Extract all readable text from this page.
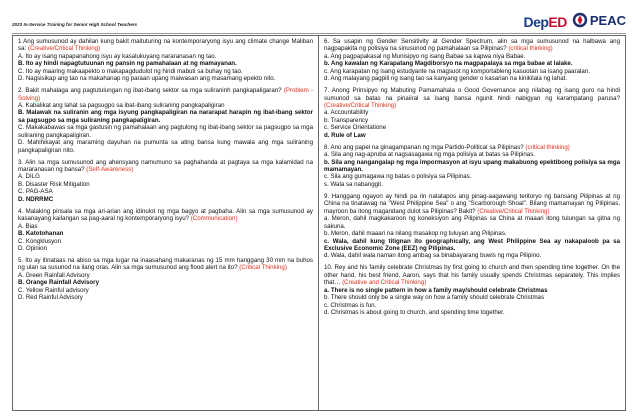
2023 In-Service Training for Senior High School Teachers	Dep ED PEAC

1 Ang sumusunod ay dahilan kung bakit maituturing na kontemporaryong isyu ang climate change Maliban sa: (Creative/Critical Thinking)

A. Ito ay isang napapanahong isyu ay kasalukuyang nararanasan ng tao.

B. Ito ay hindi napagtutuunan ng pansin ng pamahalaan at ng mamayanan.

C. Ito ay maaring makaapekto o makapagdudulot ng hindi mabuti sa buhay ng tao.

D. Nagsisikap ang tao na makahanap ng paraan upang maiwasan ang masamang epekto nito.

2. Bakit mahalaga ang pagtutulungan ng ibat-ibang sektor sa mga suliraninh pangkapaligaran? (Problem -Solving)

A. Kabalikat ang lahat sa pagsugpo sa ibat-ibang suliraning pangkapaligiran

B. Malawak na suliranin ang mga isyung pangkapaligiran na nararapat harapin ng ibat-ibang sektor sa pagsugpo sa mga suliraning pangkapaligiran.

C. Makakabawas sa mga gastusin ng pamahalaan ang pagtulong ng ibat-ibang sektor sa pagsugpo sa mga suliraning pangkapaligiran.

D. Mahihikayat ang maraming dayuhan na pumunta sa ating bansa kung mawala ang mga suliraning pangkapaligiran nito.

3. Alin sa mga sumusunod ang ahensyang namumuno sa paghahanda at pagtaya sa mga kalamidad na mararanasan ng bansa? (Self-Awareness)

A. DILG

B. Disaster Risk Mitigation

C. PAG-ASA

D. NDRRMC

4. Malaking pinsala sa mga ari-arian ang idinulot ng mga bagyo at pagbaha. Alin sa mga sumusunod ay kasanayang kailangan sa pag-aaral ng kontemporaryong isyu? (Communication)

A. Bias

B. Katotohanan

C. Kongklusyon

D. Opinion

5. Ito ay itinataas na abiso sa mga lugar na inaasahang makaranas ng 15 mm hanggang 30 mm na buhos ng ulan sa susunod na ilang oras. Alin sa mga sumusunod ang flood alert na ito? (Critical Thinking)

A. Green Rainfall Advisory

B. Orange Rainfall Advisory

C. Yellow Rainful advisory

D. Red Rainful Advisory

6. Sa usapin ng Gender Sensitivity at Gender Spectrum, alin sa mga sumusunod na halbawa ang nagpapakita ng polisiya na sinusunod ng pamahalaan sa Pilipinas? (critical thinking)

a. Ang pagpapakasal ng Munisipyo ng isang Babae sa kapwa niya Babae.

b. Ang kawalan ng Karapatang Magdiborsyo na magpapalaya sa mga babae at lalake.

c. Ang karapatan ng isang estudyante na magsuot ng komportableng kasuotan sa isang paaralan.

d. Ang malayang pagpili ng isang tao sa kanyang gender o kasarian na kinikilala ng lahat.

7. Anong Prinsipyo ng Mabuting Pamamahala o Good Governance ang nilabag ng isang guro na hindi sumunod sa batas na pinaiiral sa isang bansa ngunit hindi nabigyan ng karampatang parusa? (Creative/Critical Thinking)

a. Accountability

b. Transparency

c. Service Orientatione

d. Rule of Law

8. Ano ang papel na ginagampanan ng mga Partido-Political sa Pilipinas? (critical thinking)

a. Sila ang nag-aprubа at nagsasagawa ng mga polisiya at batas sa Pilipinas.

b. Sila ang nangangalap ng mga impormasyon at isyu upang makabuong epektibong polisiya sa mga mamamayan.

c. Sila ang gumagawa ng batas o polisiya sa Pilipinas.

s. Wala sa nabanggit.

9. Hanggang ngayon ay hindi pa rin natatapos ang pinag-aagawang teritoryo ng bansang Pilipinas at ng China na tinatawag na "West Philippine Sea" o ang "Scarborough Shoal". Bilang mamamayan ng Pilipinas, mayroon ba itong magandang dulot sa Pilipinas? Bakit? (Creative/Critical Thinking)

a. Meron, dahil magkakaroon ng koneksiyon ang Pilipinas sa China at maaari itong tulungan sa gitna ng sakuna.

b. Meron, dahil maaari na nilang masakop ng tuluyan ang Pilipinas.

c. Wala, dahil kung titignan ito geographically, ang West Philippine Sea ay nakapaloob pa sa Exclusive Economic Zone (EEZ) ng Pilipinas.

d. Wala, dahil wala naman itong ambag sa binabayarang buwis ng mga Pilipino.

10. Rey and his family celebrate Christmas by first going to church and then spending time together. On the other hand, his best friend, Aaron, says that his family usually spends Christmas separately. This implies that… (Creative and Critical Thinking)

a. There is no single pattern in how a family may/should celebrate Christmas

b. There should only be a single way on how a family should celebrate Christmas

c. Christmas is fun.

d. Christmas is about going to church, and spending time together.
